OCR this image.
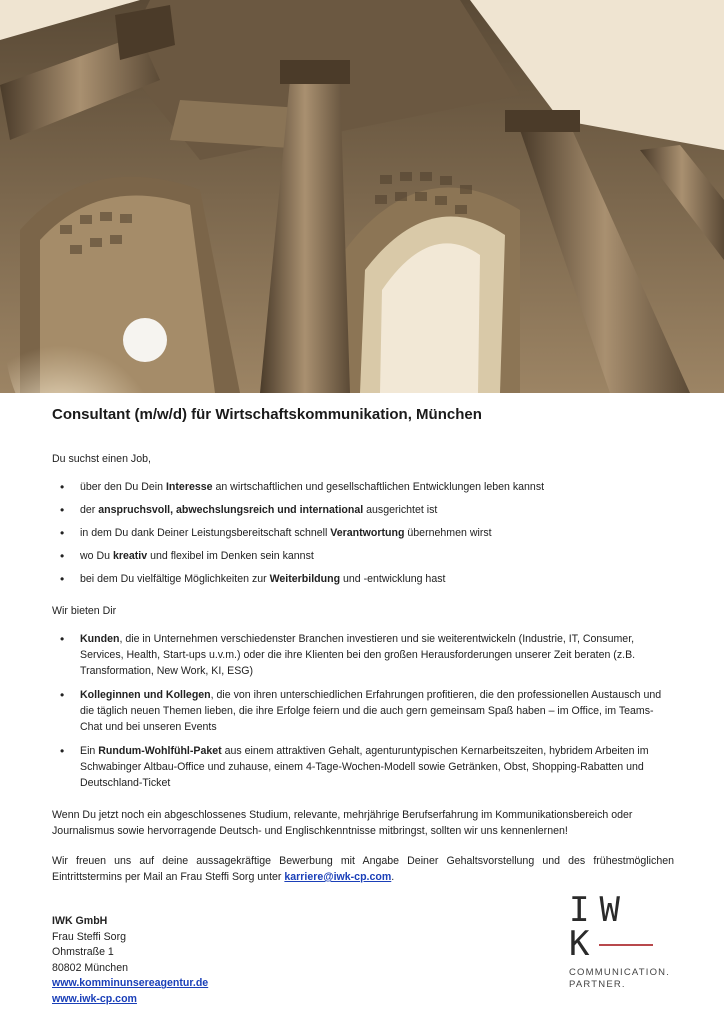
Consultant (m/w/d) für Wirtschaftskommunikation, München

Du suchst einen Job,

• über den Du Dein Interesse an wirtschaftlichen und gesellschaftlichen Entwicklungen leben kannst
• der anspruchsvoll, abwechslungsreich und international ausgerichtet ist
• in dem Du dank Deiner Leistungsbereitschaft schnell Verantwortung übernehmen wirst
• wo Du kreativ und flexibel im Denken sein kannst
• bei dem Du vielfältige Möglichkeiten zur Weiterbildung und -entwicklung hast

Wir bieten Dir

• Kunden, die in Unternehmen verschiedenster Branchen investieren und sie weiterentwickeln (Industrie, IT, Consumer, Services, Health, Start-ups u.v.m.) oder die ihre Klienten bei den großen Herausforderungen unserer Zeit beraten (z.B. Transformation, New Work, KI, ESG)
• Kolleginnen und Kollegen, die von ihren unterschiedlichen Erfahrungen profitieren, die den professionellen Austausch und die täglich neuen Themen lieben, die ihre Erfolge feiern und die auch gern gemeinsam Spaß haben – im Office, im Teams-Chat und bei unseren Events
• Ein Rundum-Wohlfühl-Paket aus einem attraktiven Gehalt, agenturuntypischen Kernarbeitszeiten, hybridem Arbeiten im Schwabinger Altbau-Office und zuhause, einem 4-Tage-Wochen-Modell sowie Getränken, Obst, Shopping-Rabatten und Deutschland-Ticket

Wenn Du jetzt noch ein abgeschlossenes Studium, relevante, mehrjährige Berufserfahrung im Kommunikationsbereich oder Journalismus sowie hervorragende Deutsch- und Englischkenntnisse mitbringst, sollten wir uns kennenlernen!

Wir freuen uns auf deine aussagekräftige Bewerbung mit Angabe Deiner Gehaltsvorstellung und des frühestmöglichen Eintrittstermins per Mail an Frau Steffi Sorg unter karriere@iwk-cp.com.

IWK GmbH
Frau Steffi Sorg
Ohmstraße 1
80802 München
www.komminunsereagentur.de
www.iwk-cp.com
IW
K
COMMUNICATION.
PARTNER.
